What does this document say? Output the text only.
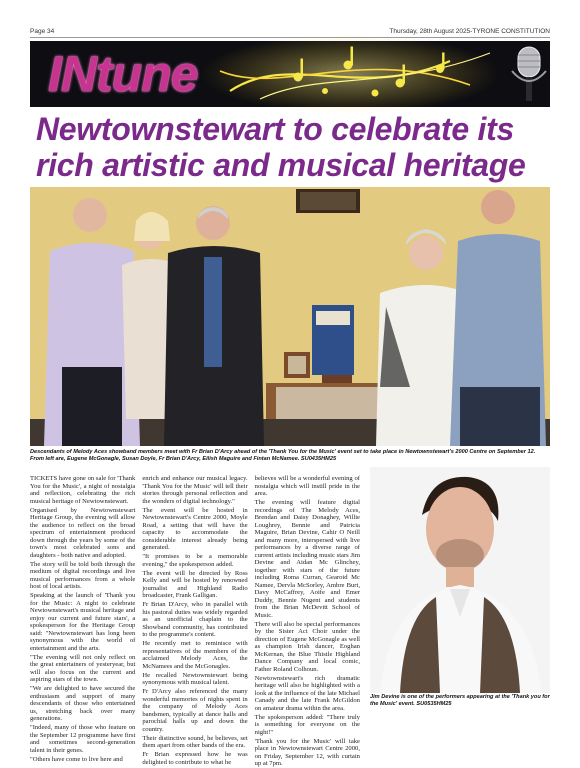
Page 34	Thursday, 28th August 2025-TYRONE CONSTITUTION
INtune
Newtownstewart to celebrate its rich artistic and musical heritage
Descendants of Melody Aces showband members meet with Fr Brian D'Arcy ahead of the 'Thank You for the Music' event set to take place in Newtownstewart's 2000 Centre on September 12. From left are, Eugene McGonagle, Susan Doyle, Fr Brian D'Arcy, Eilish Maguire and Fintan McNamee. SU0435HM25

TICKETS have gone on sale for 'Thank You for the Music', a night of nostalgia and reflection, celebrating the rich musical heritage of Newtownstewart.

Organised by Newtownstewart Heritage Group, the evening will allow the audience to reflect on the broad spectrum of entertainment produced down through the years by some of the town's most celebrated sons and daughters - both native and adopted.

The story will be told both through the medium of digital recordings and live musical performances from a whole host of local artists.

Speaking at the launch of 'Thank you for the Music: A night to celebrate Newtownstewart's musical heritage and enjoy our current and future stars', a spokesperson for the Heritage Group said: "Newtownstewart has long been synonymous with the world of entertainment and the arts.

"The evening will not only reflect on the great entertainers of yesteryear, but will also focus on the current and aspiring stars of the town.

"We are delighted to have secured the enthusiasm and support of many descendants of those who entertained us, stretching back over many generations.

"Indeed, many of those who feature on the September 12 programme have first and sometimes second-generation talent in their genes.

"Others have come to live here and

enrich and enhance our musical legacy. 'Thank You for the Music' will tell their stories through personal reflection and the wonders of digital technology."

The event will be hosted in Newtownstewart's Centre 2000, Moyle Road, a setting that will have the capacity to accommodate the considerable interest already being generated.

"It promises to be a memorable evening," the spokesperson added.

The event will be directed by Ross Kelly and will be hosted by renowned journalist and Highland Radio broadcaster, Frank Galligan.

Fr Brian D'Arcy, who in parallel with his pastoral duties was widely regarded as an unofficial chaplain to the Showband community, has contributed to the programme's content.

He recently met to reminisce with representatives of the members of the acclaimed Melody Aces, the McNamees and the McGonagles.

He recalled Newtownstewart being synonymous with musical talent.

Fr D'Arcy also referenced the many wonderful memories of nights spent in the company of Melody Aces bandsmen, typically at dance halls and parochial halls up and down the country.

Their distinctive sound, he believes, set them apart from other bands of the era.

Fr Brian expressed how he was delighted to contribute to what he

believes will be a wonderful evening of nostalgia which will instill pride in the area.

The evening will feature digital recordings of The Melody Aces, Brendan and Daisy Donaghey, Willie Loughrey, Bennie and Patricia Maguire, Brian Devine, Cahir O Neill and many more, interspersed with live performances by a diverse range of current artists including music stars Jim Devine and Aidan Mc Glinchey, together with stars of the future including Roma Curran, Gearoid Mc Namee, Dervla McSorley, Ambre Burt, Davy McCaffrey, Aoife and Emer Duddy, Bennie Nugent and students from the Brian McDevitt School of Music.

There will also be special performances by the Sister Act Choir under the direction of Eugene McGonagle as well as champion Irish dancer, Eoghan McKernan, the Blue Thistle Highland Dance Company and local comic, Father Roland Colhoun.

Newtownstewart's rich dramatic heritage will also be highlighted with a look at the influence of the late Michael Canady and the late Frank McGildon on amateur drama within the area.

The spokesperson added: "There truly is something for everyone on the night!"

'Thank you for the Music' will take place in Newtownstewart Centre 2000, on Friday, September 12, with curtain up at 7pm.

Jim Devine is one of the performers appearing at the 'Thank you for the Music' event. SU0535HM25
